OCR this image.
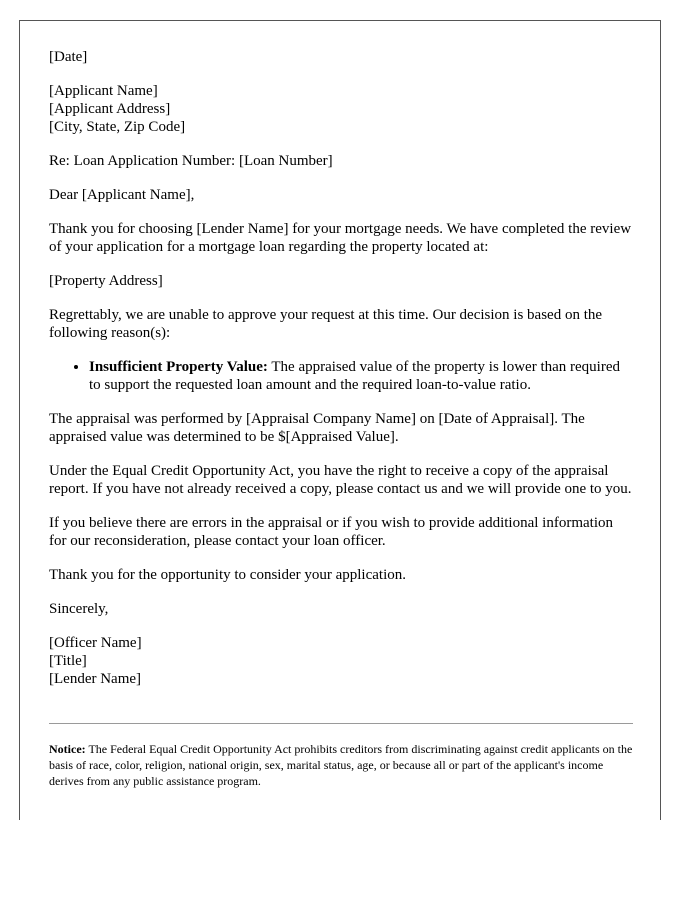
[Date]

[Applicant Name]

[Applicant Address]

[City, State, Zip Code]

Re: Loan Application Number: [Loan Number]

Dear [Applicant Name],

Thank you for choosing [Lender Name] for your mortgage needs. We have completed the review of your application for a mortgage loan regarding the property located at:

[Property Address]

Regrettably, we are unable to approve your request at this time. Our decision is based on the following reason(s):

• Insufficient Property Value: The appraised value of the property is lower than required to support the requested loan amount and the required loan-to-value ratio.

The appraisal was performed by [Appraisal Company Name] on [Date of Appraisal]. The appraised value was determined to be $[Appraised Value].

Under the Equal Credit Opportunity Act, you have the right to receive a copy of the appraisal report. If you have not already received a copy, please contact us and we will provide one to you.

If you believe there are errors in the appraisal or if you wish to provide additional information for our reconsideration, please contact your loan officer.

Thank you for the opportunity to consider your application.

Sincerely,

[Officer Name]

[Title]

[Lender Name]

Notice: The Federal Equal Credit Opportunity Act prohibits creditors from discriminating against credit applicants on the basis of race, color, religion, national origin, sex, marital status, age, or because all or part of the applicant's income derives from any public assistance program.
